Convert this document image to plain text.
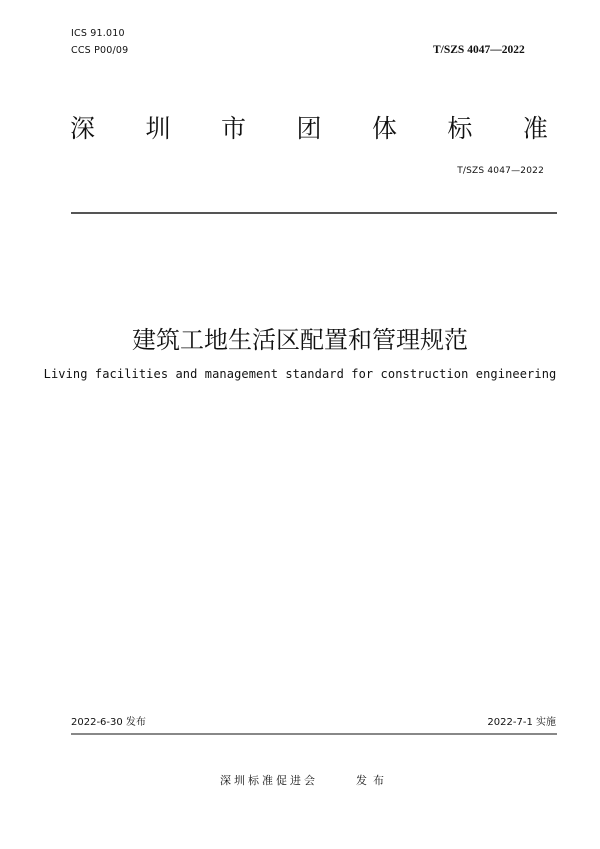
ICS 91.010
CCS P00/09	T/SZS 4047—2022
深 圳 市 团 体 标 准
T/SZS 4047—2022
建筑工地生活区配置和管理规范
Living facilities and management standard for construction engineering
2022-6-30 发布	2022-7-1 实施
深圳标准促进会	发布
